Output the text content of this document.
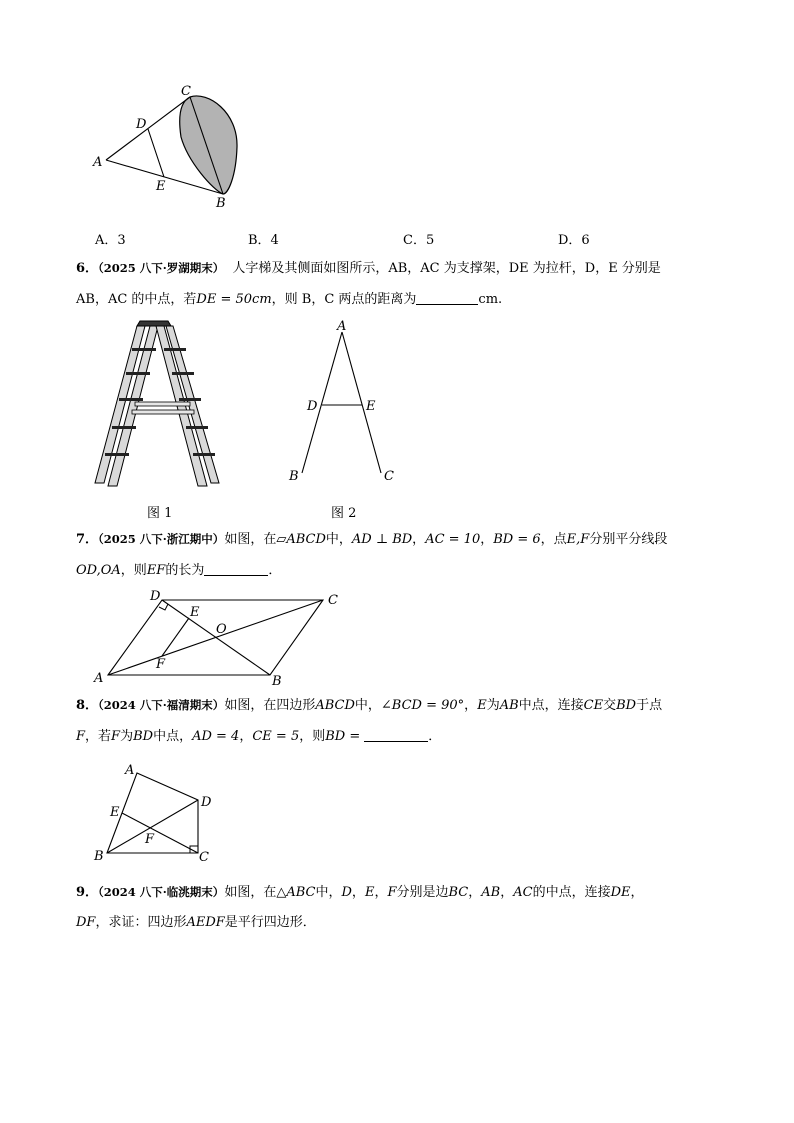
C
D
A
E
B
A．3	B．4	C．5	D．6
6．（2025 八下·罗湖期末） 人字梯及其侧面如图所示，AB，AC 为支撑架，DE 为拉杆，D，E 分别是
AB，AC 的中点，若DE = 50cm，则 B，C 两点的距离为	cm.
图 1
A
D	E
B	C
图 2
7．（2025 八下·浙江期中）如图，在▱ABCD中，AD ⊥ BD，AC = 10，BD = 6，点E,F分别平分线段
OD,OA，则EF的长为	．
D
E
O
C
F
A	B
8．（2024 八下·福清期末）如图，在四边形ABCD中，∠BCD = 90°，E为AB中点，连接CE交BD于点
F，若F为BD中点，AD = 4，CE = 5，则BD =	．
A
D
E
F
B	C
9．（2024 八下·临洮期末）如图，在△ABC中，D，E，F分别是边BC，AB，AC的中点，连接DE，
DF，求证：四边形AEDF是平行四边形．
